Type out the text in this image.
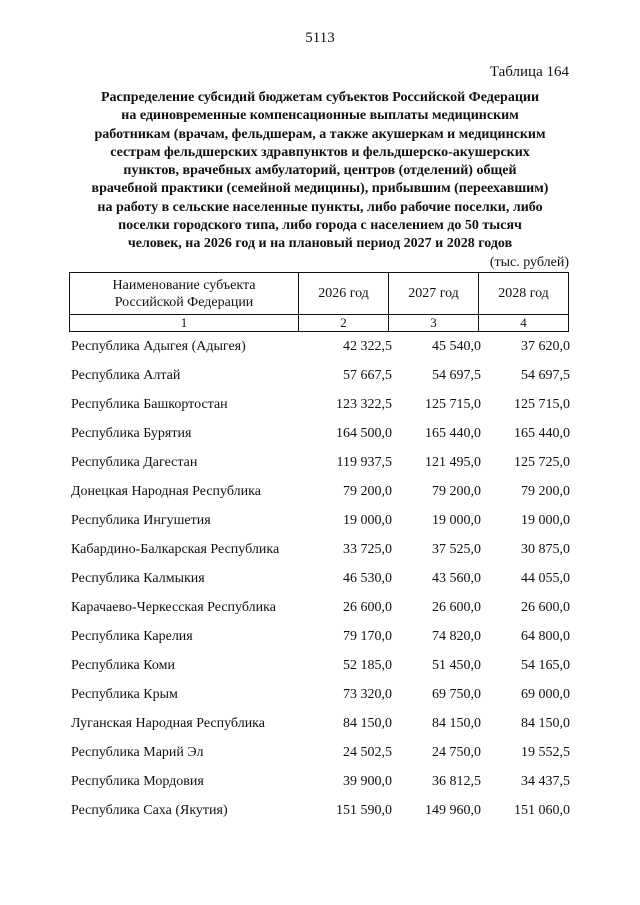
5113
Таблица 164
Распределение субсидий бюджетам субъектов Российской Федерации
на единовременные компенсационные выплаты медицинским
работникам (врачам, фельдшерам, а также акушеркам и медицинским
сестрам фельдшерских здравпунктов и фельдшерско-акушерских
пунктов, врачебных амбулаторий, центров (отделений) общей
врачебной практики (семейной медицины), прибывшим (переехавшим)
на работу в сельские населенные пункты, либо рабочие поселки, либо
поселки городского типа, либо города с населением до 50 тысяч
человек, на 2026 год и на плановый период 2027 и 2028 годов
(тыс. рублей)
Наименование субъекта
Российской Федерации	2026 год	2027 год	2028 год
1	2	3	4
Республика Адыгея (Адыгея)	42 322,5	45 540,0	37 620,0
Республика Алтай	57 667,5	54 697,5	54 697,5
Республика Башкортостан	123 322,5	125 715,0	125 715,0
Республика Бурятия	164 500,0	165 440,0	165 440,0
Республика Дагестан	119 937,5	121 495,0	125 725,0
Донецкая Народная Республика	79 200,0	79 200,0	79 200,0
Республика Ингушетия	19 000,0	19 000,0	19 000,0
Кабардино-Балкарская Республика	33 725,0	37 525,0	30 875,0
Республика Калмыкия	46 530,0	43 560,0	44 055,0
Карачаево-Черкесская Республика	26 600,0	26 600,0	26 600,0
Республика Карелия	79 170,0	74 820,0	64 800,0
Республика Коми	52 185,0	51 450,0	54 165,0
Республика Крым	73 320,0	69 750,0	69 000,0
Луганская Народная Республика	84 150,0	84 150,0	84 150,0
Республика Марий Эл	24 502,5	24 750,0	19 552,5
Республика Мордовия	39 900,0	36 812,5	34 437,5
Республика Саха (Якутия)	151 590,0	149 960,0	151 060,0
